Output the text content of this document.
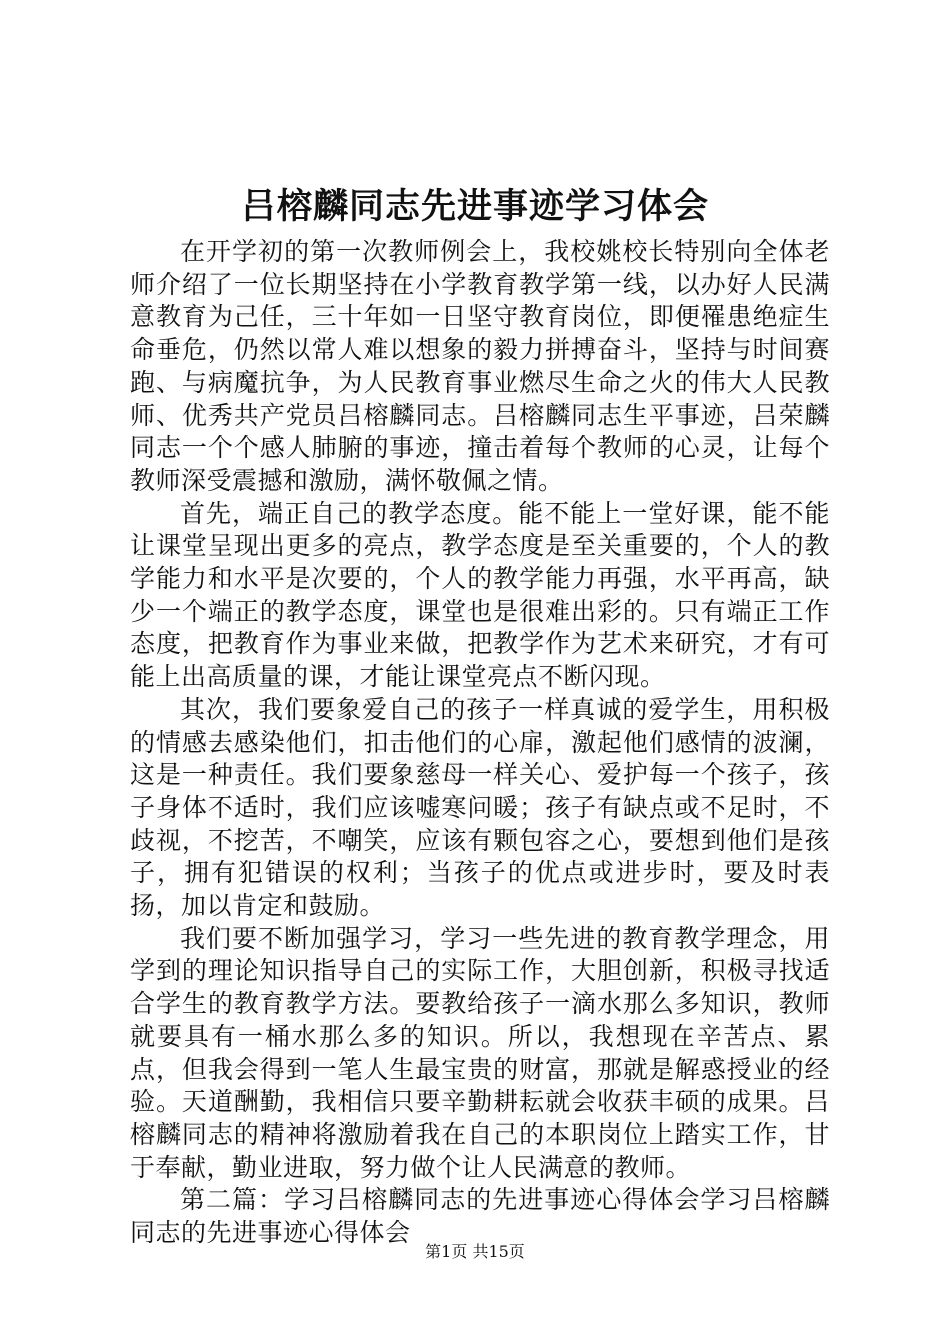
吕榕麟同志先进事迹学习体会

在开学初的第一次教师例会上，我校姚校长特别向全体老师介绍了一位长期坚持在小学教育教学第一线，以办好人民满意教育为己任，三十年如一日坚守教育岗位，即便罹患绝症生命垂危，仍然以常人难以想象的毅力拼搏奋斗，坚持与时间赛跑、与病魔抗争，为人民教育事业燃尽生命之火的伟大人民教师、优秀共产党员吕榕麟同志。吕榕麟同志生平事迹，吕荣麟同志一个个感人肺腑的事迹，撞击着每个教师的心灵，让每个教师深受震撼和激励，满怀敬佩之情。

首先，端正自己的教学态度。能不能上一堂好课，能不能让课堂呈现出更多的亮点，教学态度是至关重要的，个人的教学能力和水平是次要的，个人的教学能力再强，水平再高，缺少一个端正的教学态度，课堂也是很难出彩的。只有端正工作态度，把教育作为事业来做，把教学作为艺术来研究，才有可能上出高质量的课，才能让课堂亮点不断闪现。

其次，我们要象爱自己的孩子一样真诚的爱学生，用积极的情感去感染他们，扣击他们的心扉，激起他们感情的波澜，这是一种责任。我们要象慈母一样关心、爱护每一个孩子，孩子身体不适时，我们应该嘘寒问暖；孩子有缺点或不足时，不歧视，不挖苦，不嘲笑，应该有颗包容之心，要想到他们是孩子，拥有犯错误的权利；当孩子的优点或进步时，要及时表扬，加以肯定和鼓励。

我们要不断加强学习，学习一些先进的教育教学理念，用学到的理论知识指导自己的实际工作，大胆创新，积极寻找适合学生的教育教学方法。要教给孩子一滴水那么多知识，教师就要具有一桶水那么多的知识。所以，我想现在辛苦点、累点，但我会得到一笔人生最宝贵的财富，那就是解惑授业的经验。天道酬勤，我相信只要辛勤耕耘就会收获丰硕的成果。吕榕麟同志的精神将激励着我在自己的本职岗位上踏实工作，甘于奉献，勤业进取，努力做个让人民满意的教师。

第二篇：学习吕榕麟同志的先进事迹心得体会学习吕榕麟同志的先进事迹心得体会

第1页 共15页
